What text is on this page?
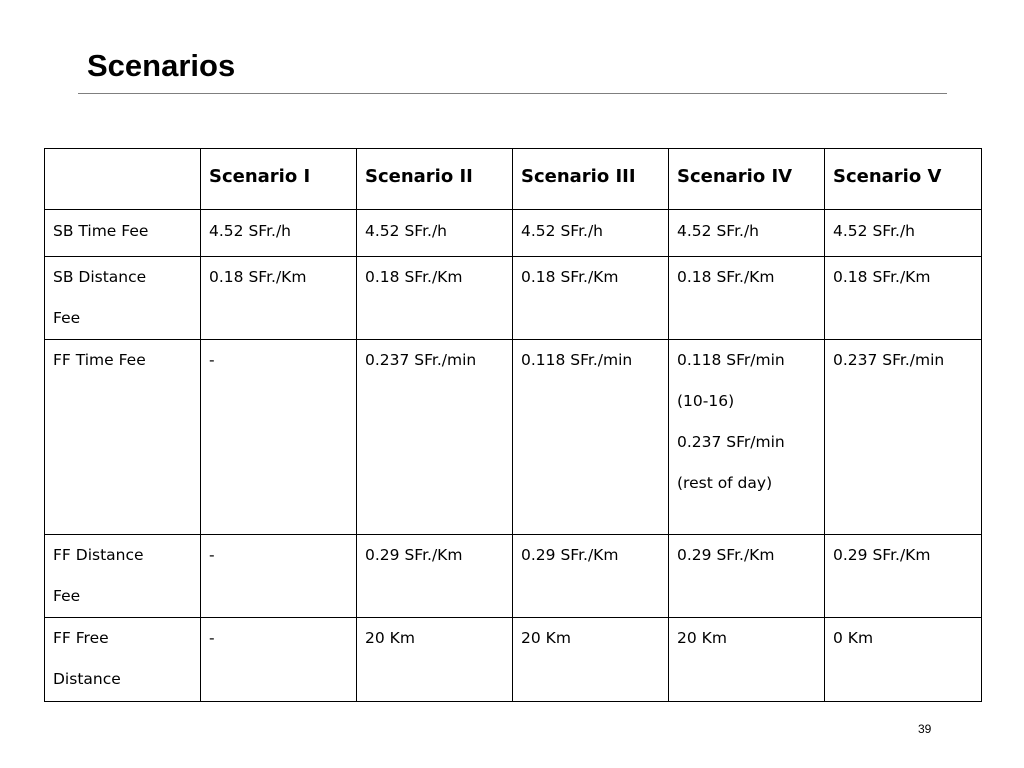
Scenarios
	Scenario I	Scenario II	Scenario III	Scenario IV	Scenario V

SB Time Fee	4.52 SFr./h	4.52 SFr./h	4.52 SFr./h	4.52 SFr./h	4.52 SFr./h

SB Distance
Fee	0.18 SFr./Km	0.18 SFr./Km	0.18 SFr./Km	0.18 SFr./Km	0.18 SFr./Km

FF Time Fee	-	0.237 SFr./min	0.118 SFr./min	0.118 SFr/min
(10-16)
0.237 SFr/min
(rest of day)	0.237 SFr./min

FF Distance
Fee	-	0.29 SFr./Km	0.29 SFr./Km	0.29 SFr./Km	0.29 SFr./Km

FF Free
Distance	-	20 Km	20 Km	20 Km	0 Km
39
